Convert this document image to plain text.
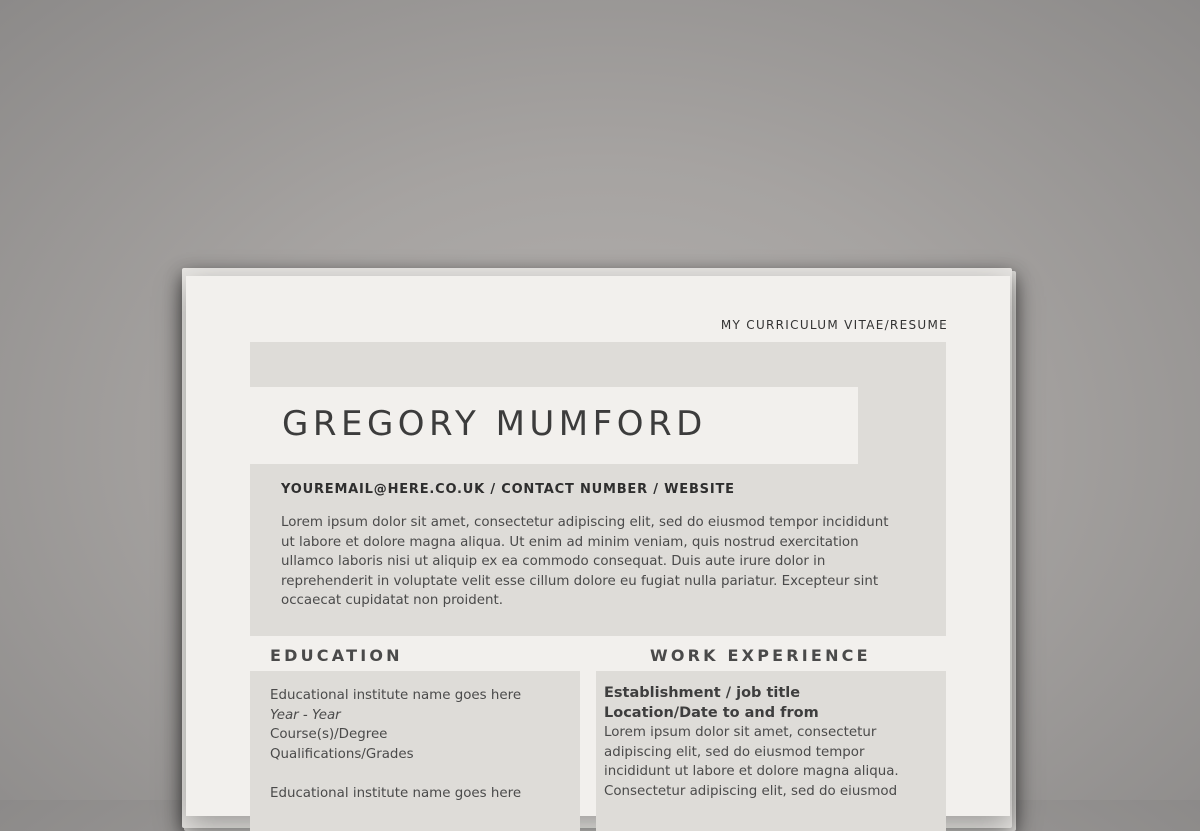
MY CURRICULUM VITAE/RESUME
GREGORY MUMFORD
YOUREMAIL@HERE.CO.UK / CONTACT NUMBER / WEBSITE
Lorem ipsum dolor sit amet, consectetur adipiscing elit, sed do eiusmod tempor incididunt
ut labore et dolore magna aliqua. Ut enim ad minim veniam, quis nostrud exercitation
ullamco laboris nisi ut aliquip ex ea commodo consequat. Duis aute irure dolor in
reprehenderit in voluptate velit esse cillum dolore eu fugiat nulla pariatur. Excepteur sint
occaecat cupidatat non proident.
EDUCATION
Educational institute name goes here
Year - Year
Course(s)/Degree
Qualifications/Grades
Educational institute name goes here
WORK EXPERIENCE
Establishment / job title
Location/Date to and from
Lorem ipsum dolor sit amet, consectetur
adipiscing elit, sed do eiusmod tempor
incididunt ut labore et dolore magna aliqua.
Consectetur adipiscing elit, sed do eiusmod
